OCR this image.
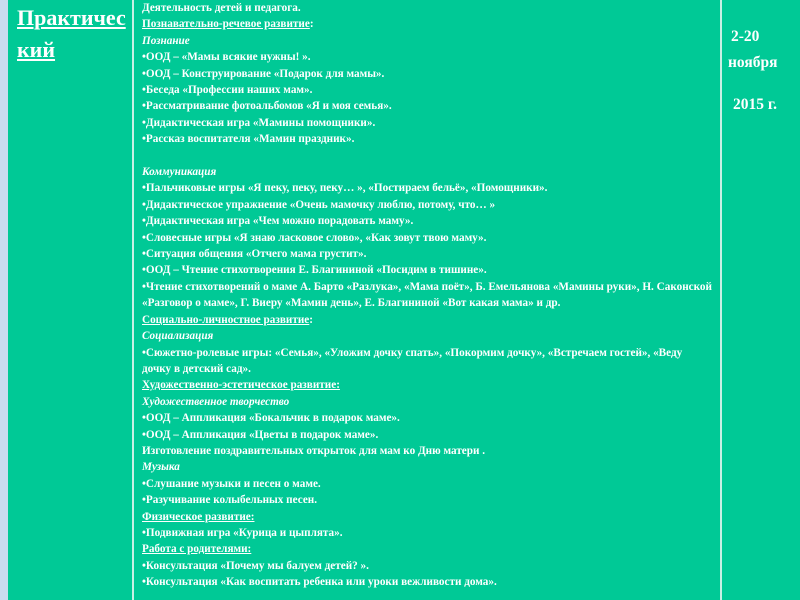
Практический
Деятельность детей и педагога.
Познавательно-речевое развитие:
Познание
•ООД – «Мамы всякие нужны! ».
•ООД – Конструирование «Подарок для мамы».
•Беседа «Профессии наших мам».
•Рассматривание фотоальбомов «Я и моя семья».
•Дидактическая игра «Мамины помощники».
•Рассказ воспитателя «Мамин праздник».
Коммуникация
•Пальчиковые игры «Я пеку, пеку, пеку… », «Постираем бельё», «Помощники».
•Дидактическое упражнение «Очень мамочку люблю, потому, что… »
•Дидактическая игра «Чем можно порадовать маму».
•Словесные игры «Я знаю ласковое слово», «Как зовут твою маму».
•Ситуация общения «Отчего мама грустит».
•ООД – Чтение стихотворения Е. Благининой «Посидим в тишине».
•Чтение стихотворений о маме А. Барто «Разлука», «Мама поёт», Б. Емельянова «Мамины руки», Н. Саконской «Разговор о маме», Г. Виеру «Мамин день», Е. Благининой «Вот какая мама» и др.
Социально-личностное развитие:
Социализация
•Сюжетно-ролевые игры: «Семья», «Уложим дочку спать», «Покормим дочку», «Встречаем гостей», «Веду дочку в детский сад».
Художественно-эстетическое развитие:
Художественное творчество
•ООД – Аппликация «Бокальчик в подарок маме».
•ООД – Аппликация «Цветы в подарок маме».
Изготовление поздравительных открыток для мам ко Дню матери .
Музыка
•Слушание музыки и песен о маме.
•Разучивание колыбельных песен.
Физическое развитие:
•Подвижная игра «Курица и цыплята».
Работа с родителями:
•Консультация «Почему мы балуем детей? ».
•Консультация «Как воспитать ребенка или уроки вежливости дома».
2-20
ноября
2015 г.
